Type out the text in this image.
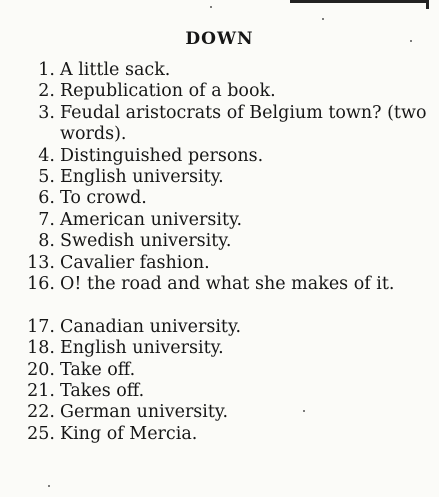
DOWN
1. A little sack.
2. Republication of a book.
3. Feudal aristocrats of Belgium town? (two words).
4. Distinguished persons.
5. English university.
6. To crowd.
7. American university.
8. Swedish university.
13. Cavalier fashion.
16. O! the road and what she makes of it.
17. Canadian university.
18. English university.
20. Take off.
21. Takes off.
22. German university.
25. King of Mercia.
